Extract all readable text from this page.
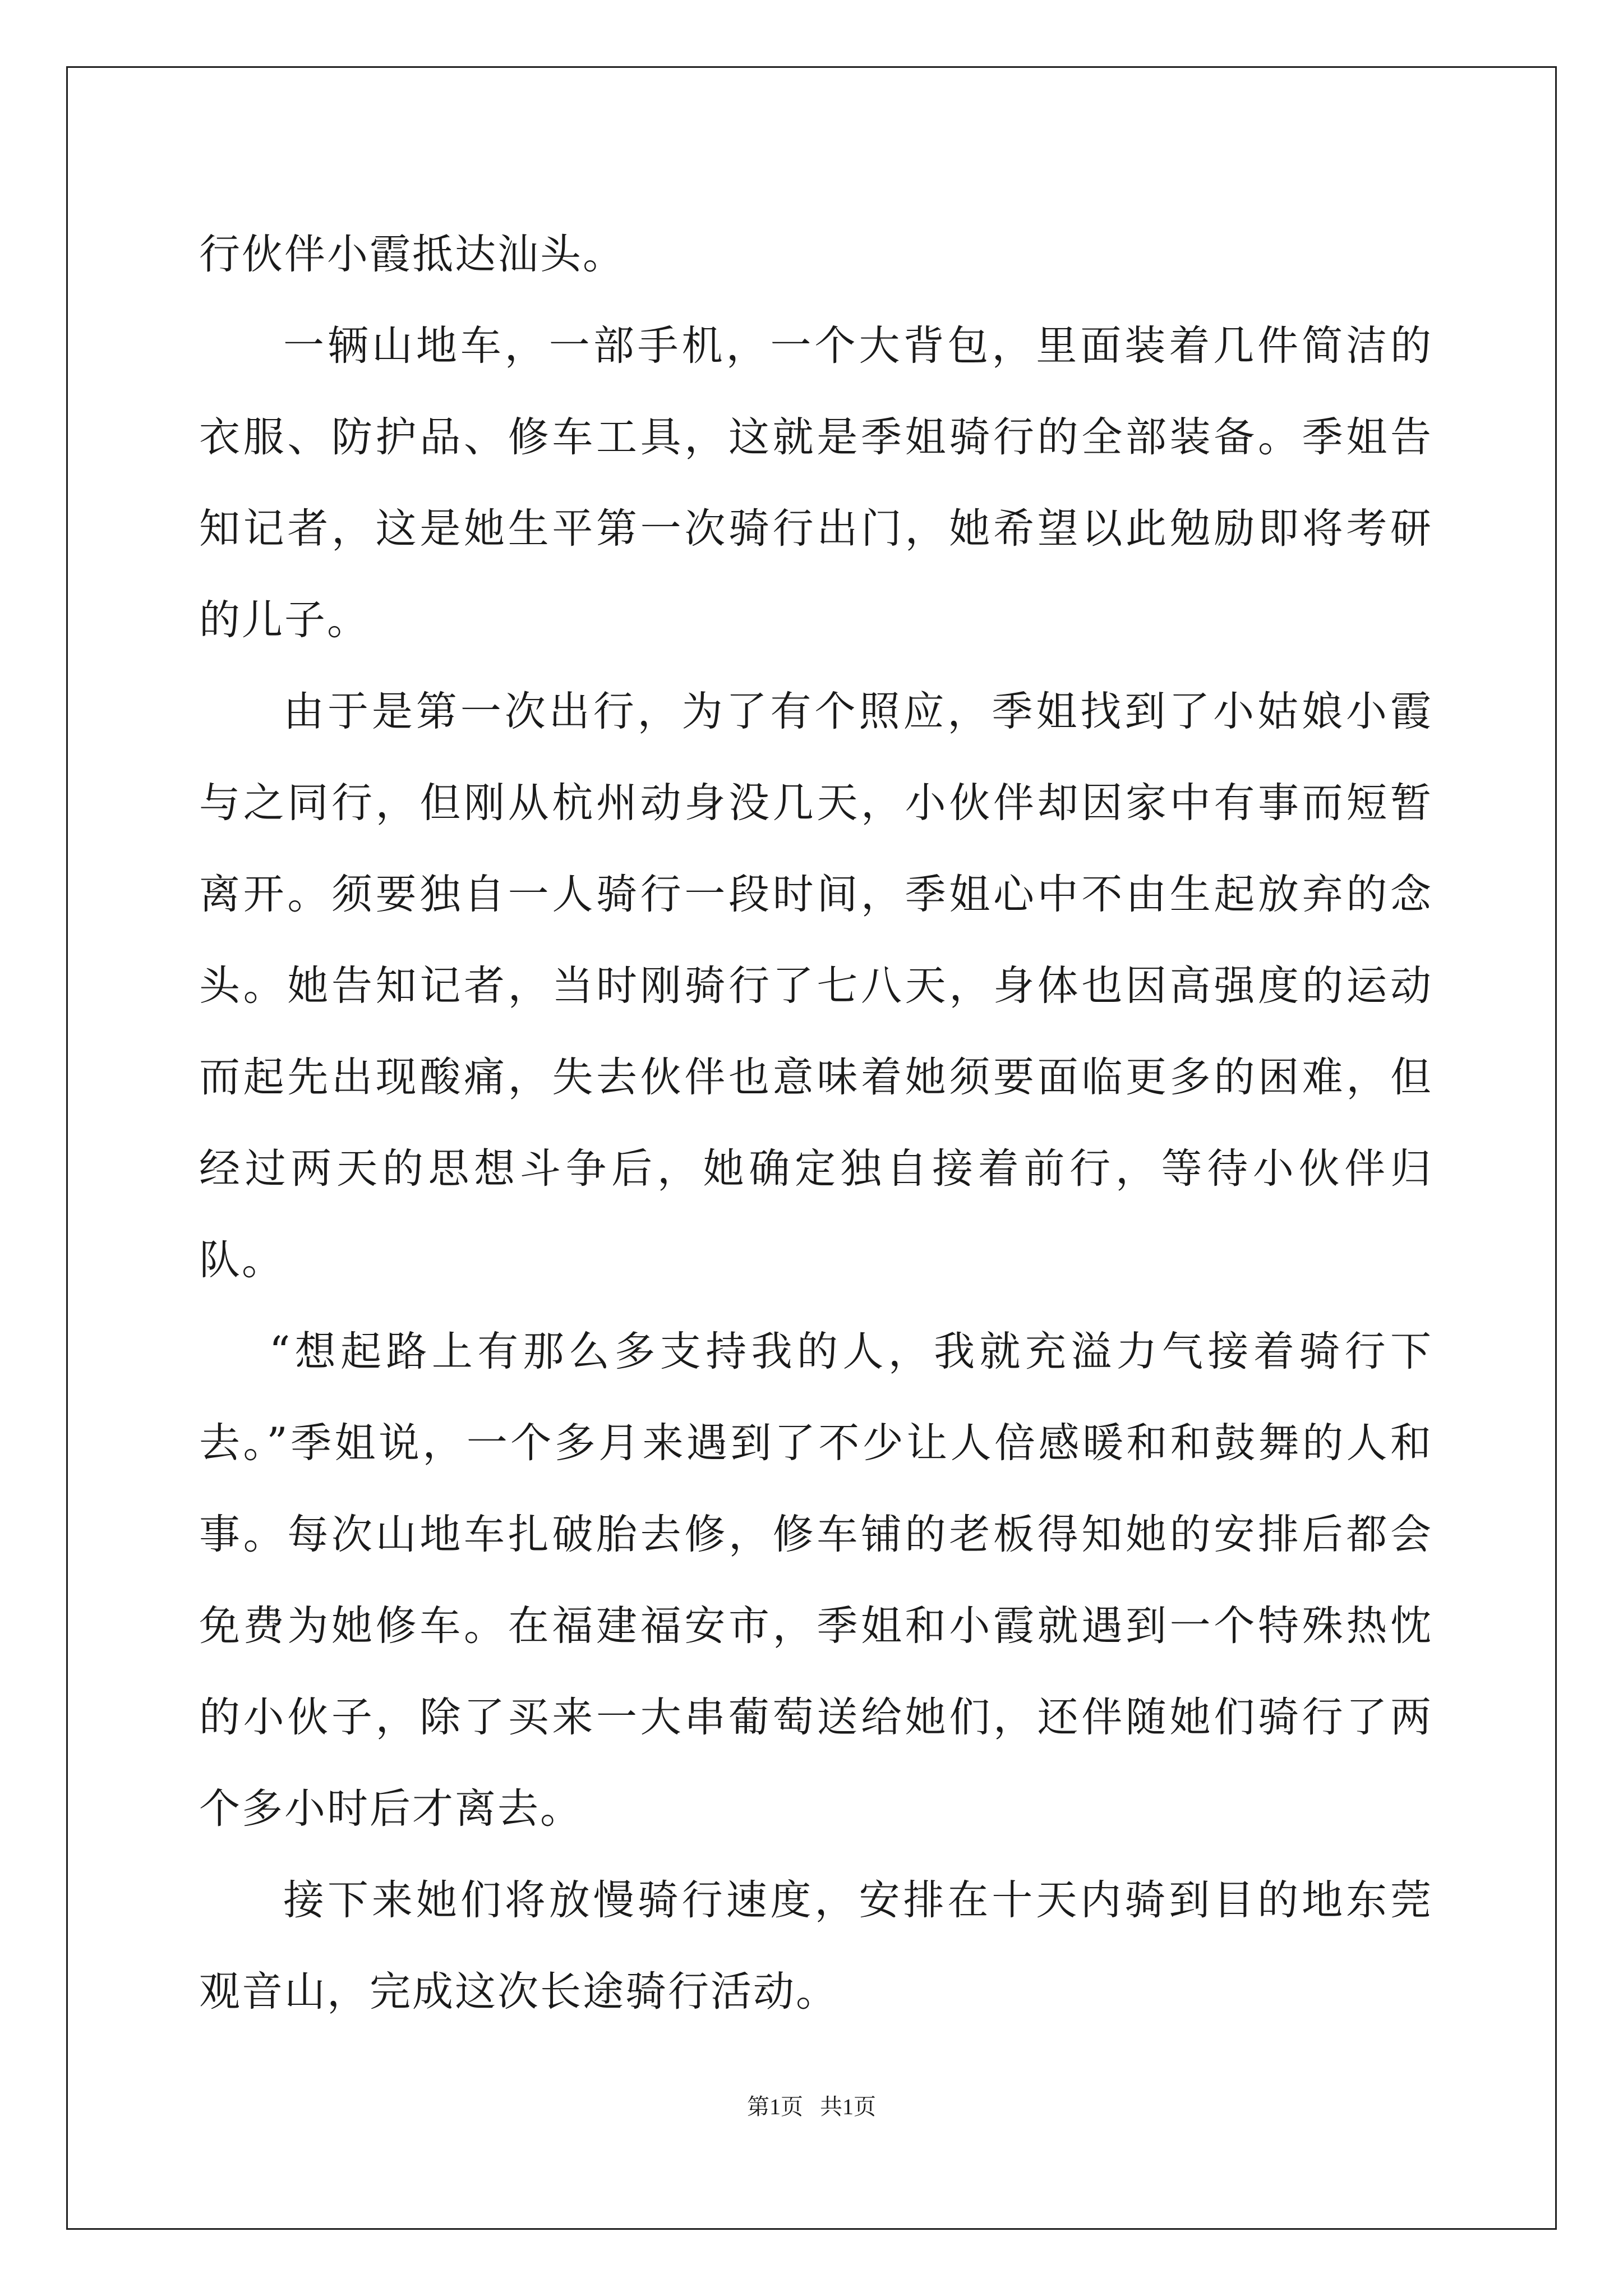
行伙伴小霞抵达汕头。

一辆山地车，一部手机，一个大背包，里面装着几件简洁的衣服、防护品、修车工具，这就是季姐骑行的全部装备。季姐告知记者，这是她生平第一次骑行出门，她希望以此勉励即将考研的儿子。

由于是第一次出行，为了有个照应，季姐找到了小姑娘小霞与之同行，但刚从杭州动身没几天，小伙伴却因家中有事而短暂离开。须要独自一人骑行一段时间，季姐心中不由生起放弃的念头。她告知记者，当时刚骑行了七八天，身体也因高强度的运动而起先出现酸痛，失去伙伴也意味着她须要面临更多的困难，但经过两天的思想斗争后，她确定独自接着前行，等待小伙伴归队。

“想起路上有那么多支持我的人，我就充溢力气接着骑行下去。”季姐说，一个多月来遇到了不少让人倍感暖和和鼓舞的人和事。每次山地车扎破胎去修，修车铺的老板得知她的安排后都会免费为她修车。在福建福安市，季姐和小霞就遇到一个特殊热忱的小伙子，除了买来一大串葡萄送给她们，还伴随她们骑行了两个多小时后才离去。

接下来她们将放慢骑行速度，安排在十天内骑到目的地东莞观音山，完成这次长途骑行活动。

第1页   共1页
